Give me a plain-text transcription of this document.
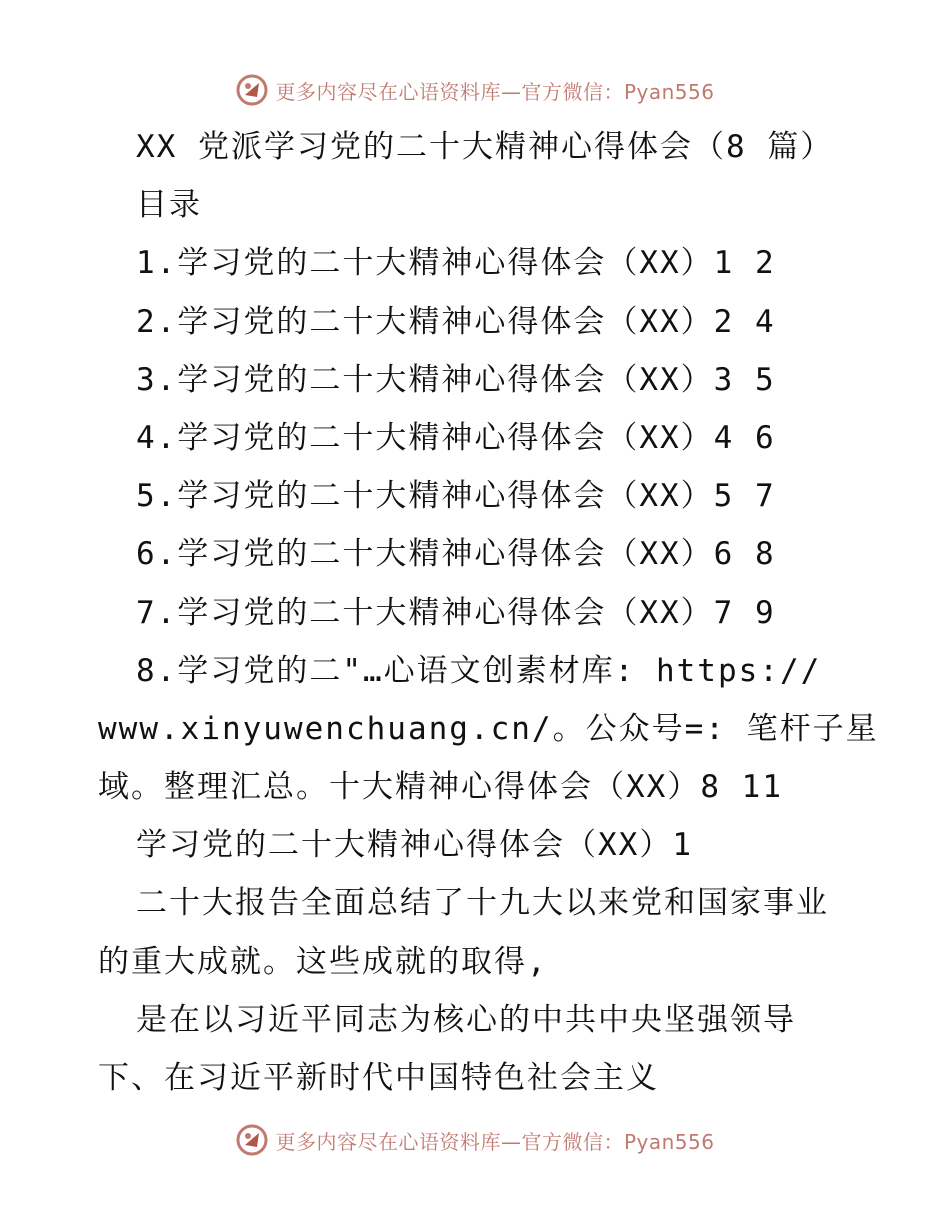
更多内容尽在心语资料库—官方微信：Pyan556
XX 党派学习党的二十大精神心得体会（8 篇）
目录
1.学习党的二十大精神心得体会（XX）1 2
2.学习党的二十大精神心得体会（XX）2 4
3.学习党的二十大精神心得体会（XX）3 5
4.学习党的二十大精神心得体会（XX）4 6
5.学习党的二十大精神心得体会（XX）5 7
6.学习党的二十大精神心得体会（XX）6 8
7.学习党的二十大精神心得体会（XX）7 9
8.学习党的二"…心语文创素材库: https://
www.xinyuwenchuang.cn/。公众号=: 笔杆子星
域。整理汇总。十大精神心得体会（XX）8 11
学习党的二十大精神心得体会（XX）1
二十大报告全面总结了十九大以来党和国家事业
的重大成就。这些成就的取得,
是在以习近平同志为核心的中共中央坚强领导
下、在习近平新时代中国特色社会主义
更多内容尽在心语资料库—官方微信：Pyan556
